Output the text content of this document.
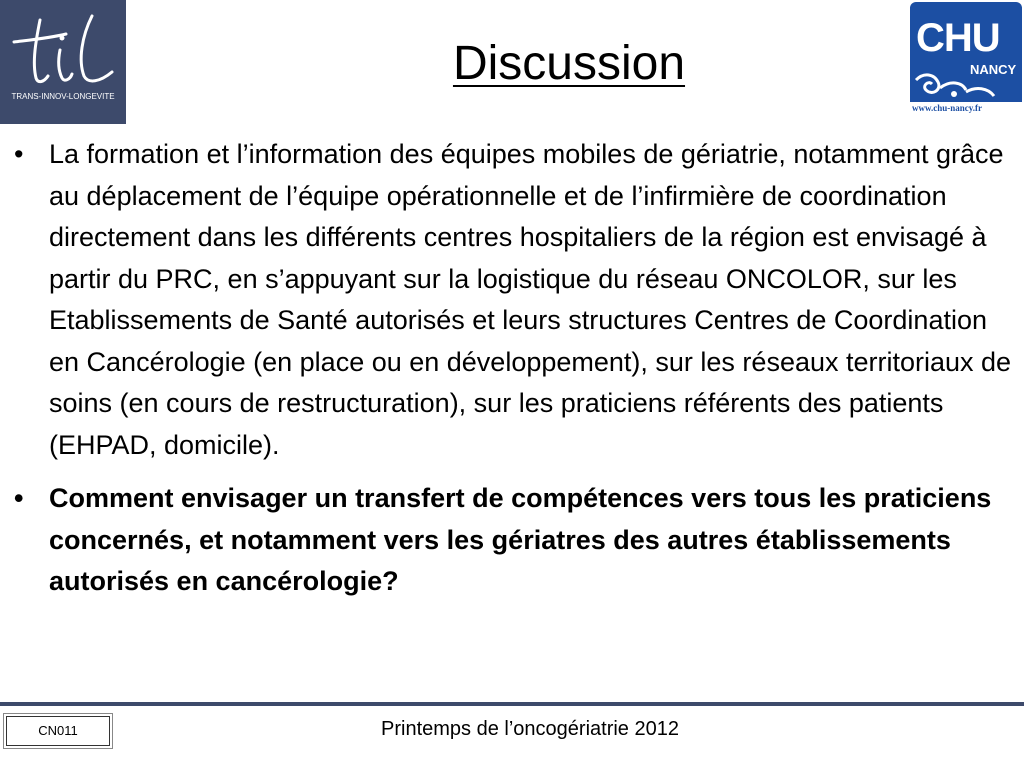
TRANS-INNOV-LONGEVITE
CHU
NANCY
www.chu-nancy.fr
Discussion
• La formation et l’information des équipes mobiles de gériatrie, notamment grâce au déplacement de l’équipe opérationnelle et de l’infirmière de coordination directement dans les différents centres hospitaliers de la région est envisagé à partir du PRC, en s’appuyant sur la logistique du réseau ONCOLOR, sur les Etablissements de Santé autorisés et leurs structures Centres de Coordination en Cancérologie (en place ou en développement), sur les réseaux territoriaux de soins (en cours de restructuration), sur les praticiens référents des patients (EHPAD, domicile).
• Comment envisager un transfert de compétences vers tous les praticiens concernés, et notamment vers les gériatres des autres établissements autorisés en cancérologie?
CN011	Printemps de l’oncogériatrie 2012
